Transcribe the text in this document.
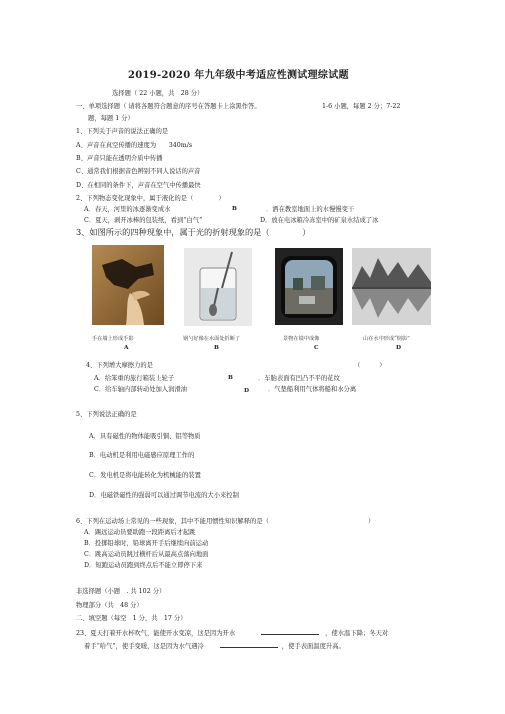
2019-2020 年九年级中考适应性测试理综试题
选择题（ 22 小题，共　28 分）
一、单项选择题（ 请将各题符合题意的序号在答题卡上涂黑作答。	1-6 小题，每题 2 分；7-22
题，每题 1 分）
1、下列关于声音的说法正确的是
A、声音在真空传播的速度为　　340m/s
B、声音只能在透明介质中传播
C、通常我们根据音色辨别不同人说话的声音
D、在相同的条件下，声音在空气中传播最快
2、下列物态变化现象中，属于液化的是（　　　　）
A．春天，河里的冰逐渐变成水	B	．洒在教室地面上的水慢慢变干
C．夏天，剥开冰棒的包装纸，看到“白气”	D．放在电冰箱冷冻室中的矿泉水结成了冰
3、如图所示的四种现象中，属于光的折射现象的是（　　　　）
手在墙上形成手影	钢勺好像在水面处折断了	景物在镜中成像	山在水中形成“倒影”
A	B	C	D
4、下列增大摩擦力的是	（　　　）
A．给笨重的旅行箱装上轮子	B	．车胎表面有凹凸不平的花纹
C．给车轴内部转动处加入润滑油	D	．气垫船利用气体将船和水分离
5、下列说法正确的是
A．具有磁性的物体能吸引铜、铝等物质
B．电动机是利用电磁感应原理工作的
C．发电机是将电能转化为机械能的装置
D．电磁铁磁性的强弱可以通过调节电流的大小来控制
6、下列在运动场上常见的一些现象，其中不能用惯性知识解释的是（	）
A．踢远运动员要助跑一段距离后才起跳
B．投掷铅球时，铅球离开手后继续向前运动
C．跳高运动员跳过横杆后从最高点落向地面
D．短跑运动员跑到终点后不能立即停下来
非选择题（小题　. 共 102 分）
物理部分（共　48 分）
二、填空题（每空　1 分，共　17 分）
23、夏天打着开水杯吹气，能使开水变凉，这是因为开水	，使水温下降；冬天对
着手“哈气”，使手变暖，这是因为水气遇冷	，使手表面温度升高。
